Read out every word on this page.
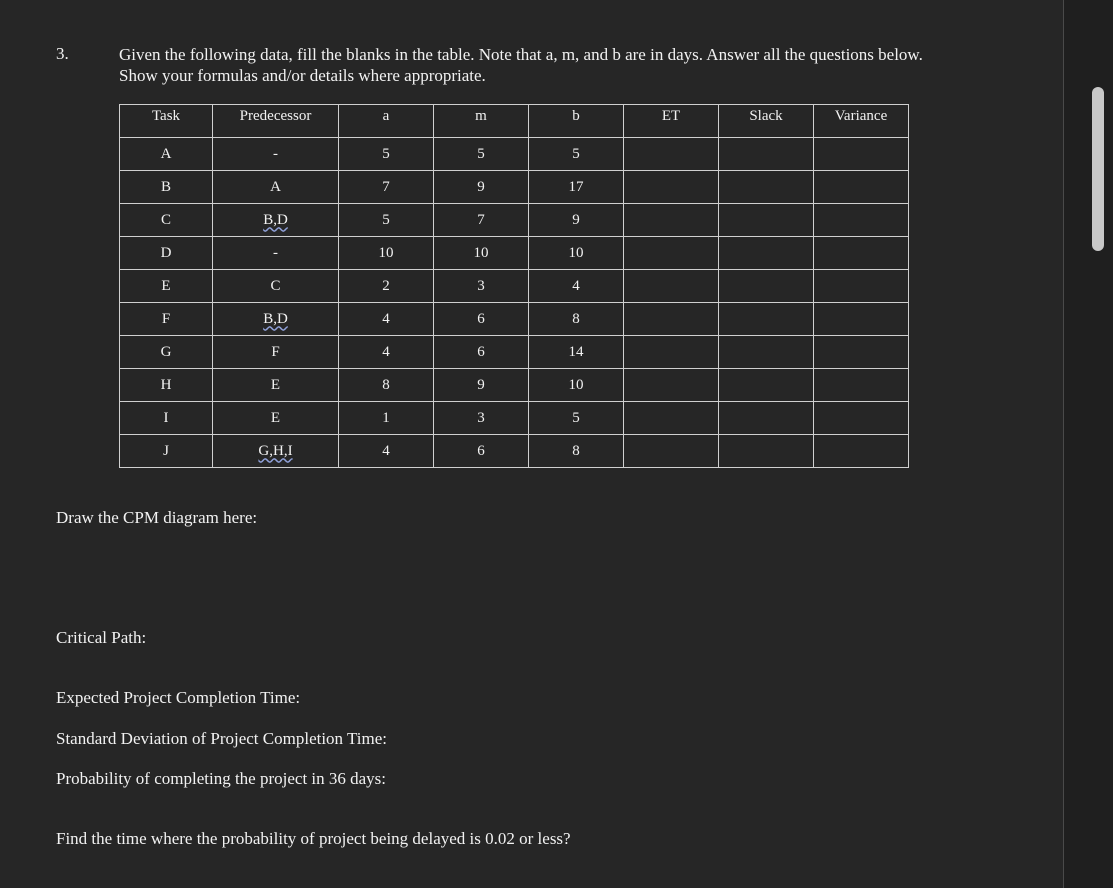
3.	Given the following data, fill the blanks in the table. Note that a, m, and b are in days. Answer all the questions below.
Show your formulas and/or details where appropriate.
Task	Predecessor	a	m	b	ET	Slack	Variance
A	-	5	5	5			
B	A	7	9	17			
C	B,D	5	7	9			
D	-	10	10	10			
E	C	2	3	4			
F	B,D	4	6	8			
G	F	4	6	14			
H	E	8	9	10			
I	E	1	3	5			
J	G,H,I	4	6	8			
Draw the CPM diagram here:
Critical Path:
Expected Project Completion Time:
Standard Deviation of Project Completion Time:
Probability of completing the project in 36 days:
Find the time where the probability of project being delayed is 0.02 or less?
